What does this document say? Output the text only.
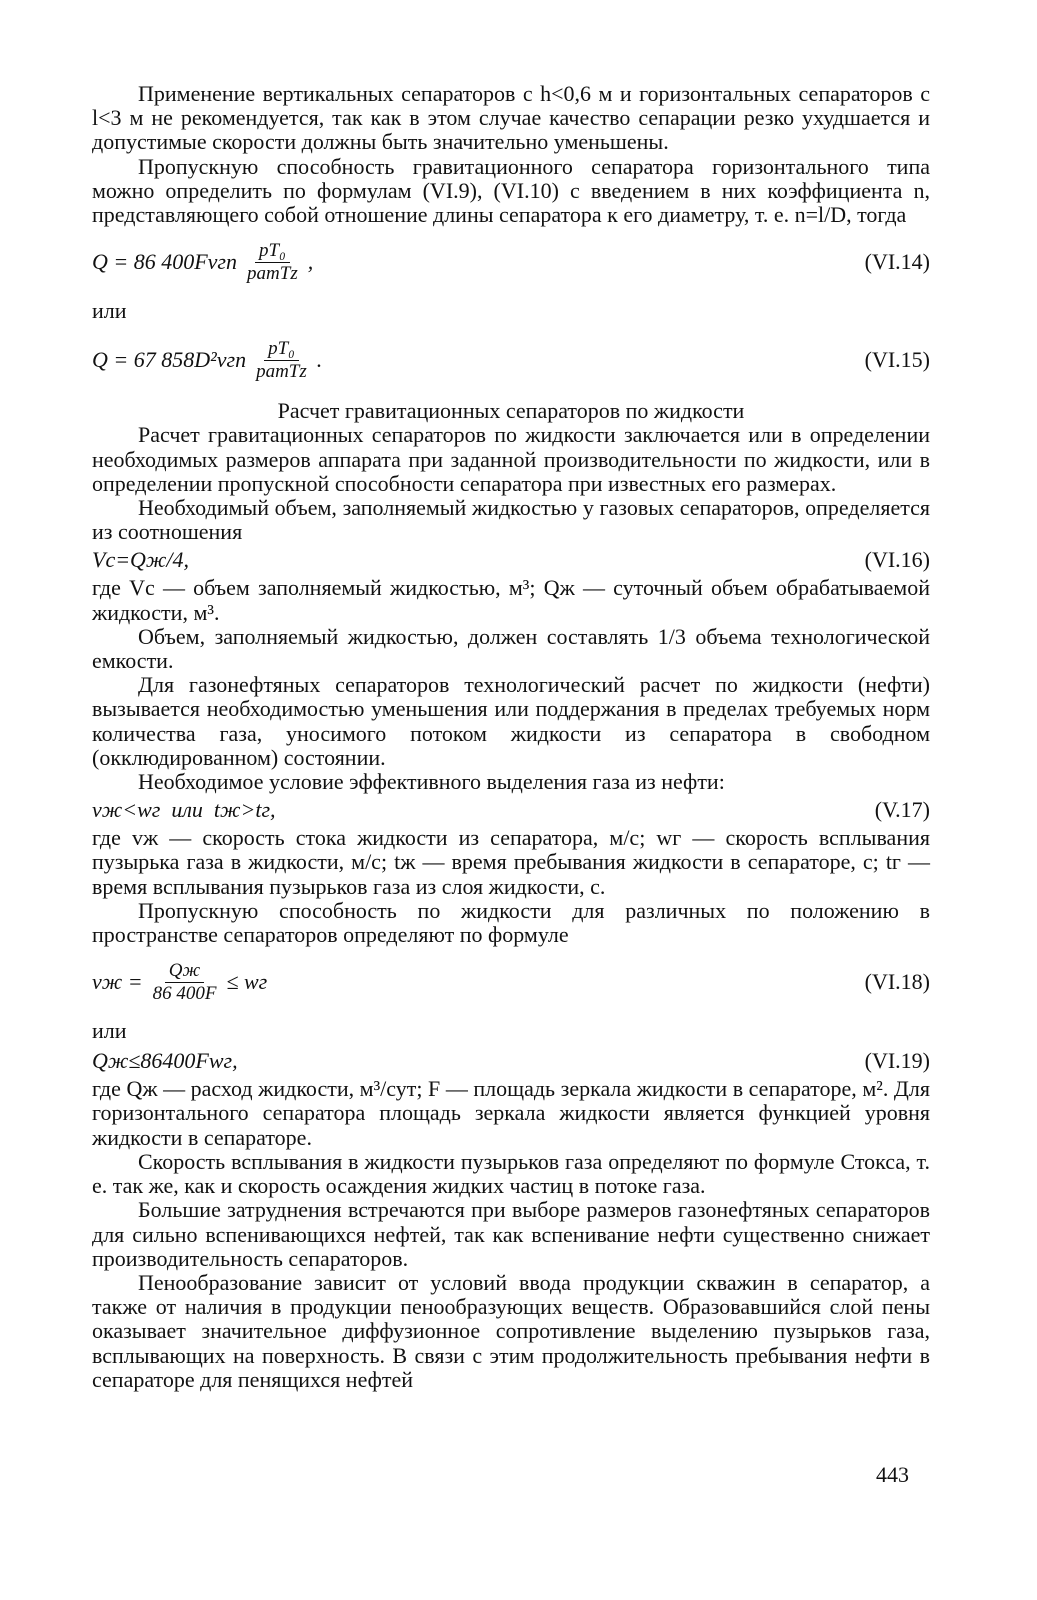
Применение вертикальных сепараторов с h<0,6 м и горизонтальных сепараторов с l<3 м не рекомендуется, так как в этом случае качество сепарации резко ухудшается и допустимые скорости должны быть значительно уменьшены.

Пропускную способность гравитационного сепаратора горизонтального типа можно определить по формулам (VI.9), (VI.10) с введением в них коэффициента n, представляющего собой отношение длины сепаратора к его диаметру, т. е. n=l/D, тогда

Q = 86 400Fvгn $\frac{\text{pT₀}}{\text{pатTz}}$ ,	(VI.14)
или
Q = 67 $858D^2vгn \frac{\text{pT₀}}{\text{pатTz}}$ .	(VI.15)
Расчет гравитационных сепараторов по жидкости

Расчет гравитационных сепараторов по жидкости заключается или в определении необходимых размеров аппарата при заданной производительности по жидкости, или в определении пропускной способности сепаратора при известных его размерах.

Необходимый объем, заполняемый жидкостью у газовых сепараторов, определяется из соотношения

Vc=Qж/4,	(VI.16)

где Vc — объем заполняемый жидкостью, м³; Qж — суточный объем обрабатываемой жидкости, м³.

Объем, заполняемый жидкостью, должен составлять 1/3 объема технологической емкости.

Для газонефтяных сепараторов технологический расчет по жидкости (нефти) вызывается необходимостью уменьшения или поддержания в пределах требуемых норм количества газа, уносимого потоком жидкости из сепаратора в свободном (окклюдированном) состоянии.

Необходимое условие эффективного выделения газа из нефти:

vж<wг  или  tж>tг,	(V.17)

где vж — скорость стока жидкости из сепаратора, м/с; wг — скорость всплывания пузырька газа в жидкости, м/с; tж — время пребывания жидкости в сепараторе, с; tг — время всплывания пузырьков газа из слоя жидкости, с.

Пропускную способность по жидкости для различных по положению в пространстве сепараторов определяют по формуле

vж = $\frac{Qж}{86 400F}$ ≤ wг	(VI.18)
или
Qж≤86400Fwг,	(VI.19)

где Qж — расход жидкости, м³/сут; F — площадь зеркала жидкости в сепараторе, м². Для горизонтального сепаратора площадь зеркала жидкости является функцией уровня жидкости в сепараторе.

Скорость всплывания в жидкости пузырьков газа определяют по формуле Стокса, т. е. так же, как и скорость осаждения жидких частиц в потоке газа.

Большие затруднения встречаются при выборе размеров газонефтяных сепараторов для сильно вспенивающихся нефтей, так как вспенивание нефти существенно снижает производительность сепараторов.

Пенообразование зависит от условий ввода продукции скважин в сепаратор, а также от наличия в продукции пенообразующих веществ. Образовавшийся слой пены оказывает значительное диффузионное сопротивление выделению пузырьков газа, всплывающих на поверхность. В связи с этим продолжительность пребывания нефти в сепараторе для пенящихся нефтей

443
